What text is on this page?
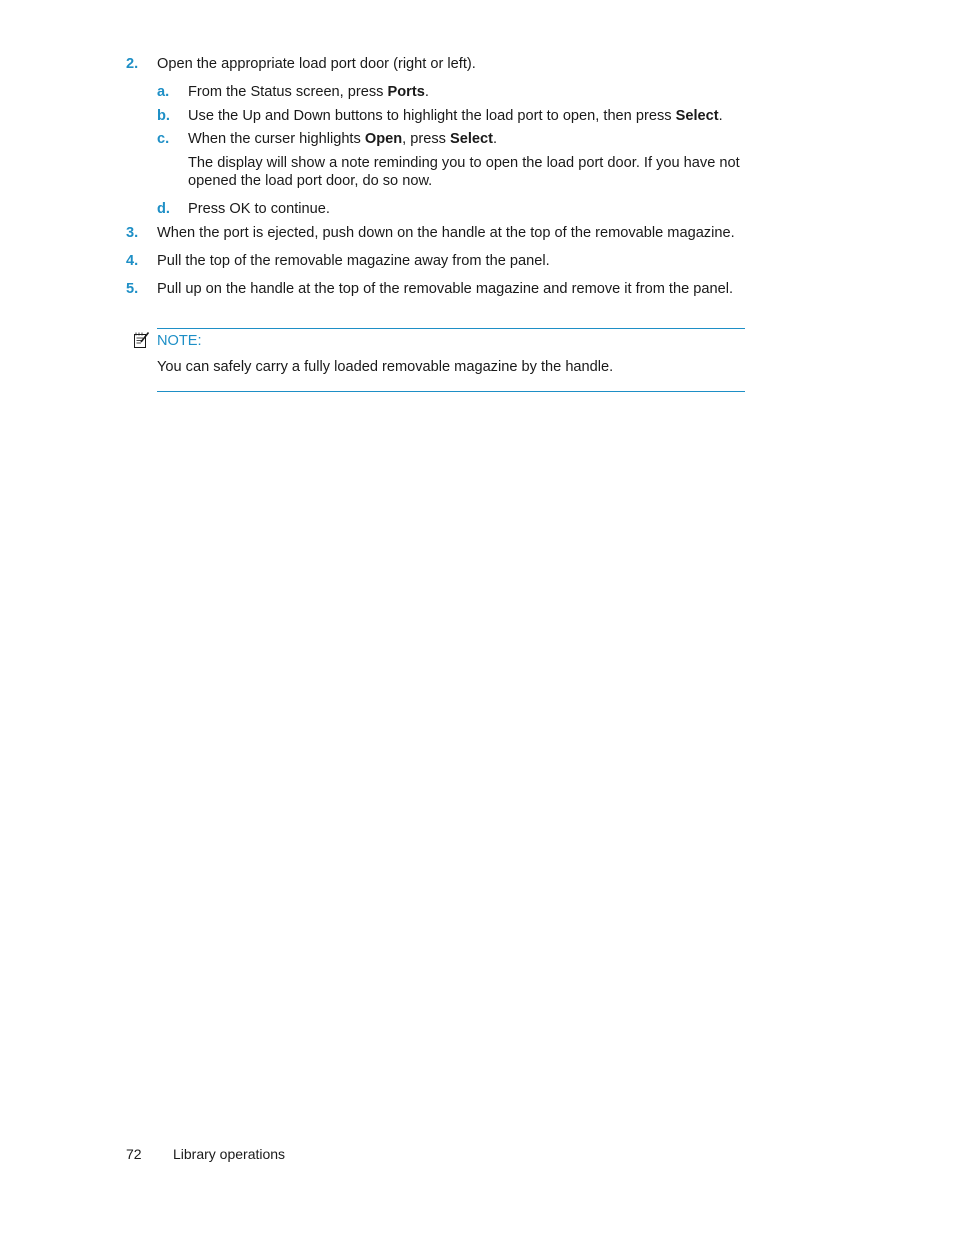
2. Open the appropriate load port door (right or left).
a. From the Status screen, press Ports.
b. Use the Up and Down buttons to highlight the load port to open, then press Select.
c. When the curser highlights Open, press Select.
The display will show a note reminding you to open the load port door. If you have not
opened the load port door, do so now.
d. Press OK to continue.
3. When the port is ejected, push down on the handle at the top of the removable magazine.
4. Pull the top of the removable magazine away from the panel.
5. Pull up on the handle at the top of the removable magazine and remove it from the panel.
NOTE:
You can safely carry a fully loaded removable magazine by the handle.
72 Library operations
